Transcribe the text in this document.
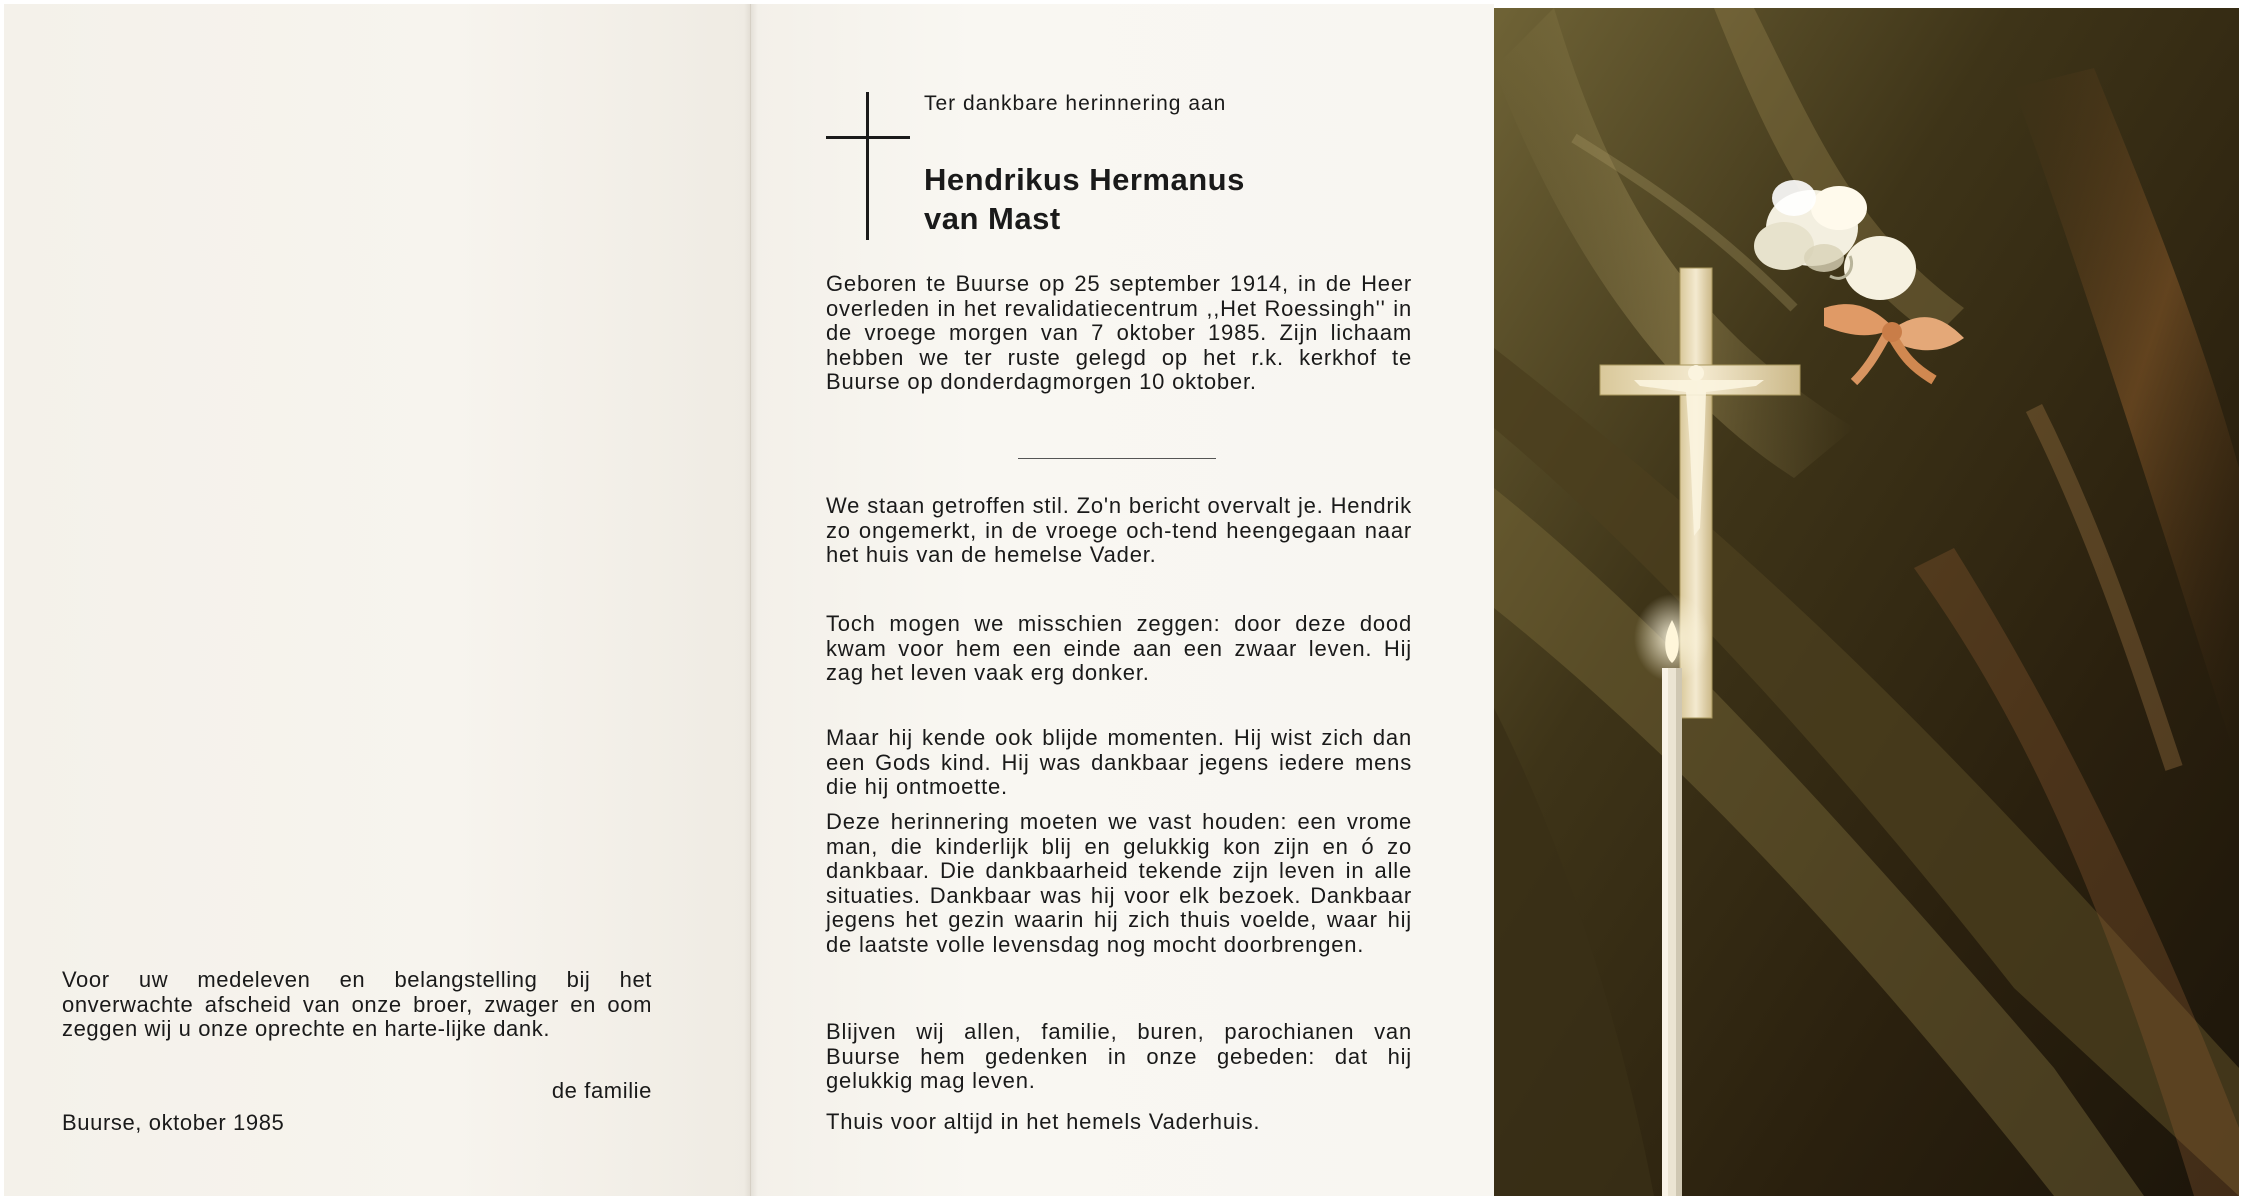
Voor uw medeleven en belangstelling bij het onverwachte afscheid van onze broer, zwager en oom zeggen wij u onze oprechte en harte-lijke dank.

de familie
Buurse, oktober 1985

Ter dankbare herinnering aan

Hendrikus Hermanus
van Mast

Geboren te Buurse op 25 september 1914, in de Heer overleden in het revalidatiecentrum ,,Het Roessingh'' in de vroege morgen van 7 oktober 1985. Zijn lichaam hebben we ter ruste gelegd op het r.k. kerkhof te Buurse op donderdagmorgen 10 oktober.

We staan getroffen stil. Zo'n bericht overvalt je. Hendrik zo ongemerkt, in de vroege och-tend heengegaan naar het huis van de hemelse Vader.

Toch mogen we misschien zeggen: door deze dood kwam voor hem een einde aan een zwaar leven. Hij zag het leven vaak erg donker.

Maar hij kende ook blijde momenten. Hij wist zich dan een Gods kind. Hij was dankbaar jegens iedere mens die hij ontmoette.

Deze herinnering moeten we vast houden: een vrome man, die kinderlijk blij en gelukkig kon zijn en ó zo dankbaar. Die dankbaarheid tekende zijn leven in alle situaties. Dankbaar was hij voor elk bezoek. Dankbaar jegens het gezin waarin hij zich thuis voelde, waar hij de laatste volle levensdag nog mocht doorbrengen.

Blijven wij allen, familie, buren, parochianen van Buurse hem gedenken in onze gebeden: dat hij gelukkig mag leven.

Thuis voor altijd in het hemels Vaderhuis.
